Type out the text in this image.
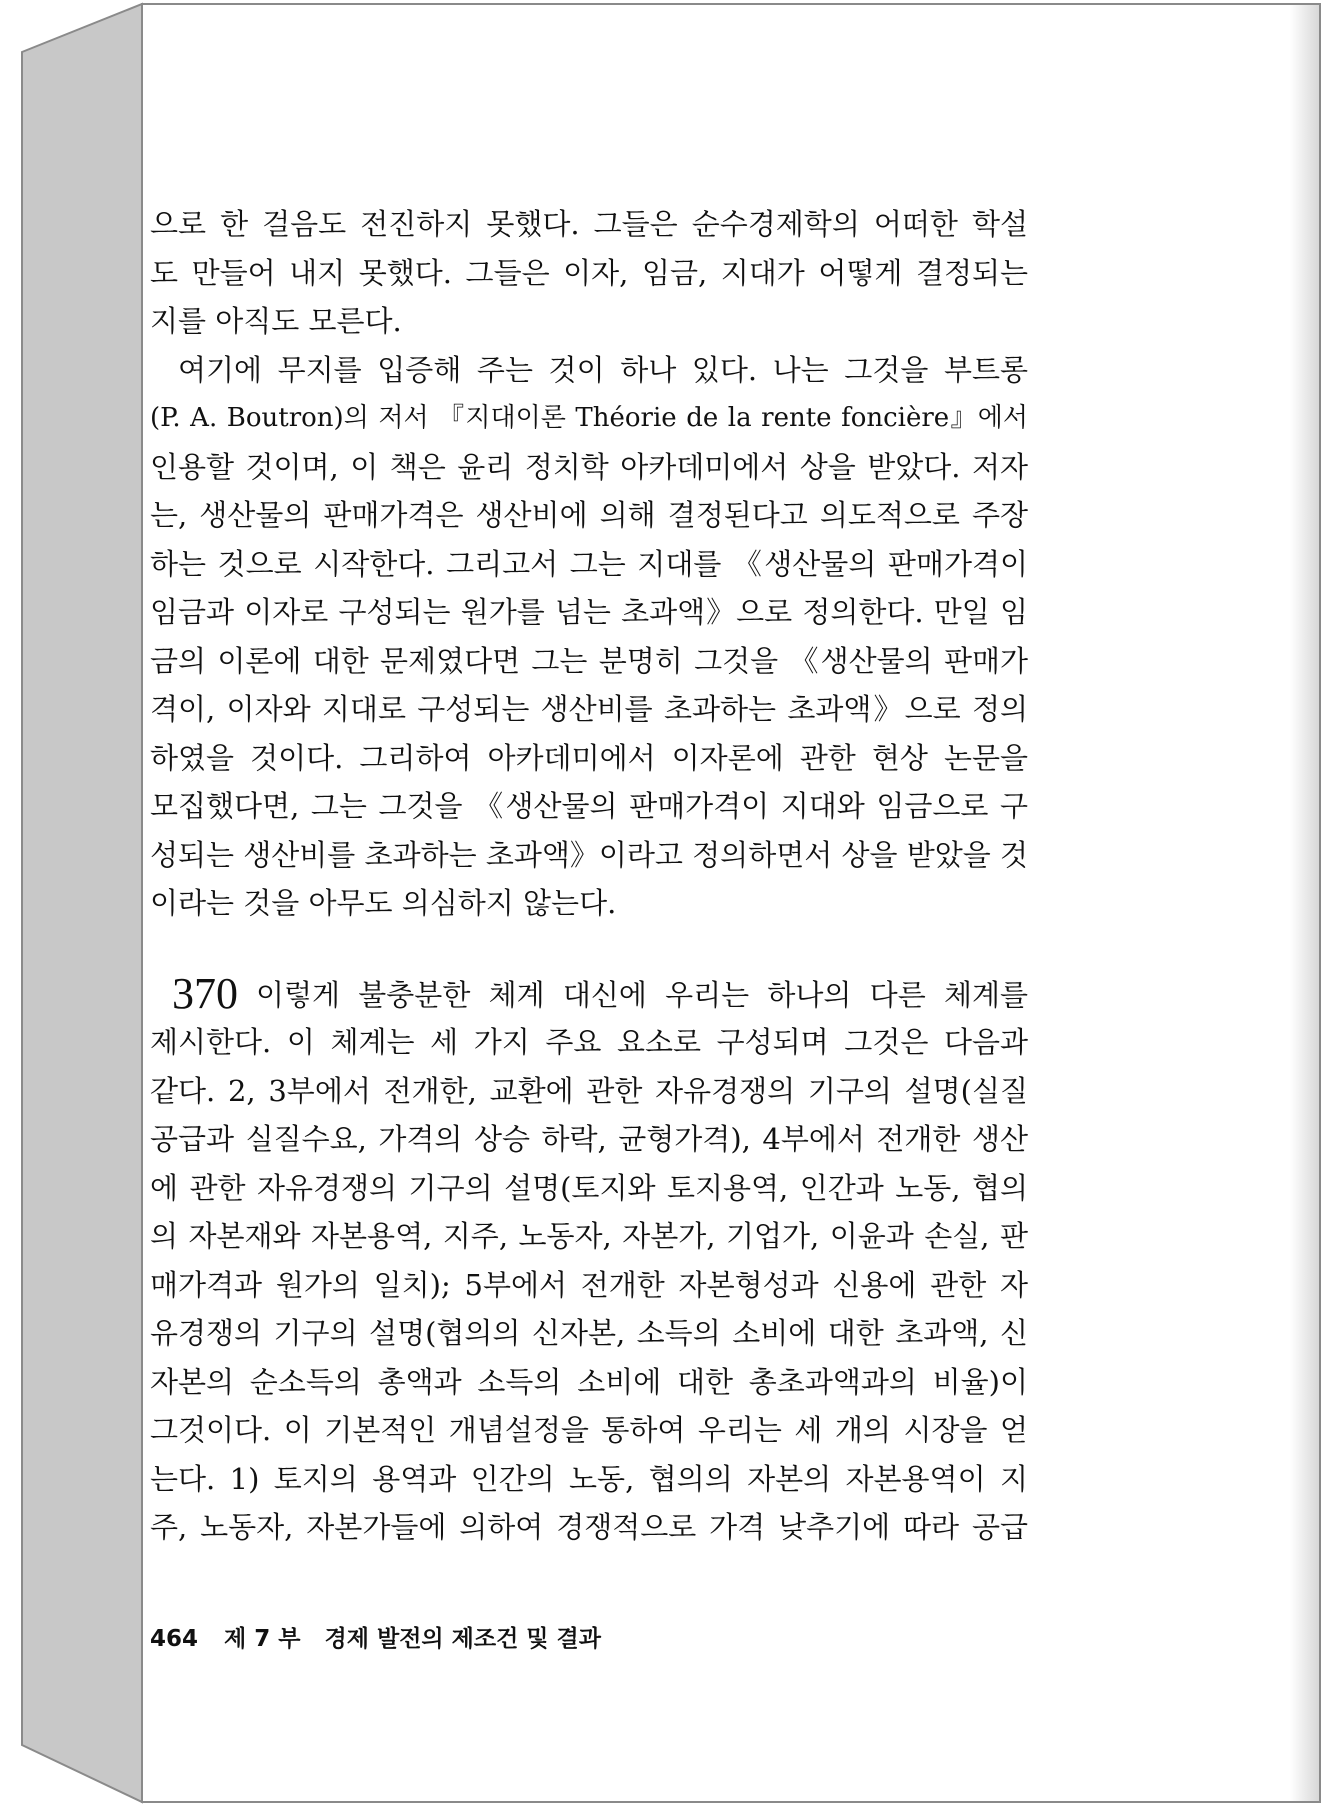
으로 한 걸음도 전진하지 못했다. 그들은 순수경제학의 어떠한 학설
도 만들어 내지 못했다. 그들은 이자, 임금, 지대가 어떻게 결정되는
지를 아직도 모른다.
여기에 무지를 입증해 주는 것이 하나 있다. 나는 그것을 부트롱
(P. A. Boutron)의 저서 『지대이론 Théorie de la rente foncière』에서
인용할 것이며, 이 책은 윤리 정치학 아카데미에서 상을 받았다. 저자
는, 생산물의 판매가격은 생산비에 의해 결정된다고 의도적으로 주장
하는 것으로 시작한다. 그리고서 그는 지대를 《생산물의 판매가격이
임금과 이자로 구성되는 원가를 넘는 초과액》으로 정의한다. 만일 임
금의 이론에 대한 문제였다면 그는 분명히 그것을 《생산물의 판매가
격이, 이자와 지대로 구성되는 생산비를 초과하는 초과액》으로 정의
하였을 것이다. 그리하여 아카데미에서 이자론에 관한 현상 논문을
모집했다면, 그는 그것을 《생산물의 판매가격이 지대와 임금으로 구
성되는 생산비를 초과하는 초과액》이라고 정의하면서 상을 받았을 것
이라는 것을 아무도 의심하지 않는다.
370 이렇게 불충분한 체계 대신에 우리는 하나의 다른 체계를
제시한다. 이 체계는 세 가지 주요 요소로 구성되며 그것은 다음과
같다. 2, 3부에서 전개한, 교환에 관한 자유경쟁의 기구의 설명(실질
공급과 실질수요, 가격의 상승 하락, 균형가격), 4부에서 전개한 생산
에 관한 자유경쟁의 기구의 설명(토지와 토지용역, 인간과 노동, 협의
의 자본재와 자본용역, 지주, 노동자, 자본가, 기업가, 이윤과 손실, 판
매가격과 원가의 일치); 5부에서 전개한 자본형성과 신용에 관한 자
유경쟁의 기구의 설명(협의의 신자본, 소득의 소비에 대한 초과액, 신
자본의 순소득의 총액과 소득의 소비에 대한 총초과액과의 비율)이
그것이다. 이 기본적인 개념설정을 통하여 우리는 세 개의 시장을 얻
는다. 1) 토지의 용역과 인간의 노동, 협의의 자본의 자본용역이 지
주, 노동자, 자본가들에 의하여 경쟁적으로 가격 낮추기에 따라 공급
464 제 7 부 경제 발전의 제조건 및 결과
